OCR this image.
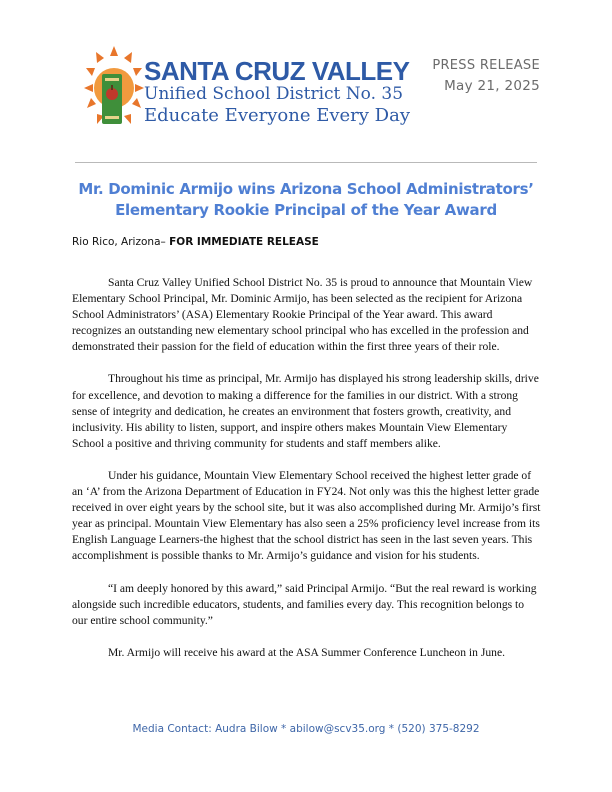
SANTA CRUZ VALLEY
Unified School District No. 35
Educate Everyone Every Day
PRESS RELEASE
May 21, 2025
Mr. Dominic Armijo wins Arizona School Administrators’
Elementary Rookie Principal of the Year Award
Rio Rico, Arizona– FOR IMMEDIATE RELEASE

Santa Cruz Valley Unified School District No. 35 is proud to announce that Mountain View Elementary School Principal, Mr. Dominic Armijo, has been selected as the recipient for Arizona School Administrators’ (ASA) Elementary Rookie Principal of the Year award. This award recognizes an outstanding new elementary school principal who has excelled in the profession and demonstrated their passion for the field of education within the first three years of their role.

Throughout his time as principal, Mr. Armijo has displayed his strong leadership skills, drive for excellence, and devotion to making a difference for the families in our district. With a strong sense of integrity and dedication, he creates an environment that fosters growth, creativity, and inclusivity. His ability to listen, support, and inspire others makes Mountain View Elementary School a positive and thriving community for students and staff members alike.

Under his guidance, Mountain View Elementary School received the highest letter grade of an ‘A’ from the Arizona Department of Education in FY24. Not only was this the highest letter grade received in over eight years by the school site, but it was also accomplished during Mr. Armijo’s first year as principal. Mountain View Elementary has also seen a 25% proficiency level increase from its English Language Learners-the highest that the school district has seen in the last seven years. This accomplishment is possible thanks to Mr. Armijo’s guidance and vision for his students.

“I am deeply honored by this award,” said Principal Armijo. “But the real reward is working alongside such incredible educators, students, and families every day. This recognition belongs to our entire school community.”

Mr. Armijo will receive his award at the ASA Summer Conference Luncheon in June.

Media Contact: Audra Bilow * abilow@scv35.org * (520) 375-8292
